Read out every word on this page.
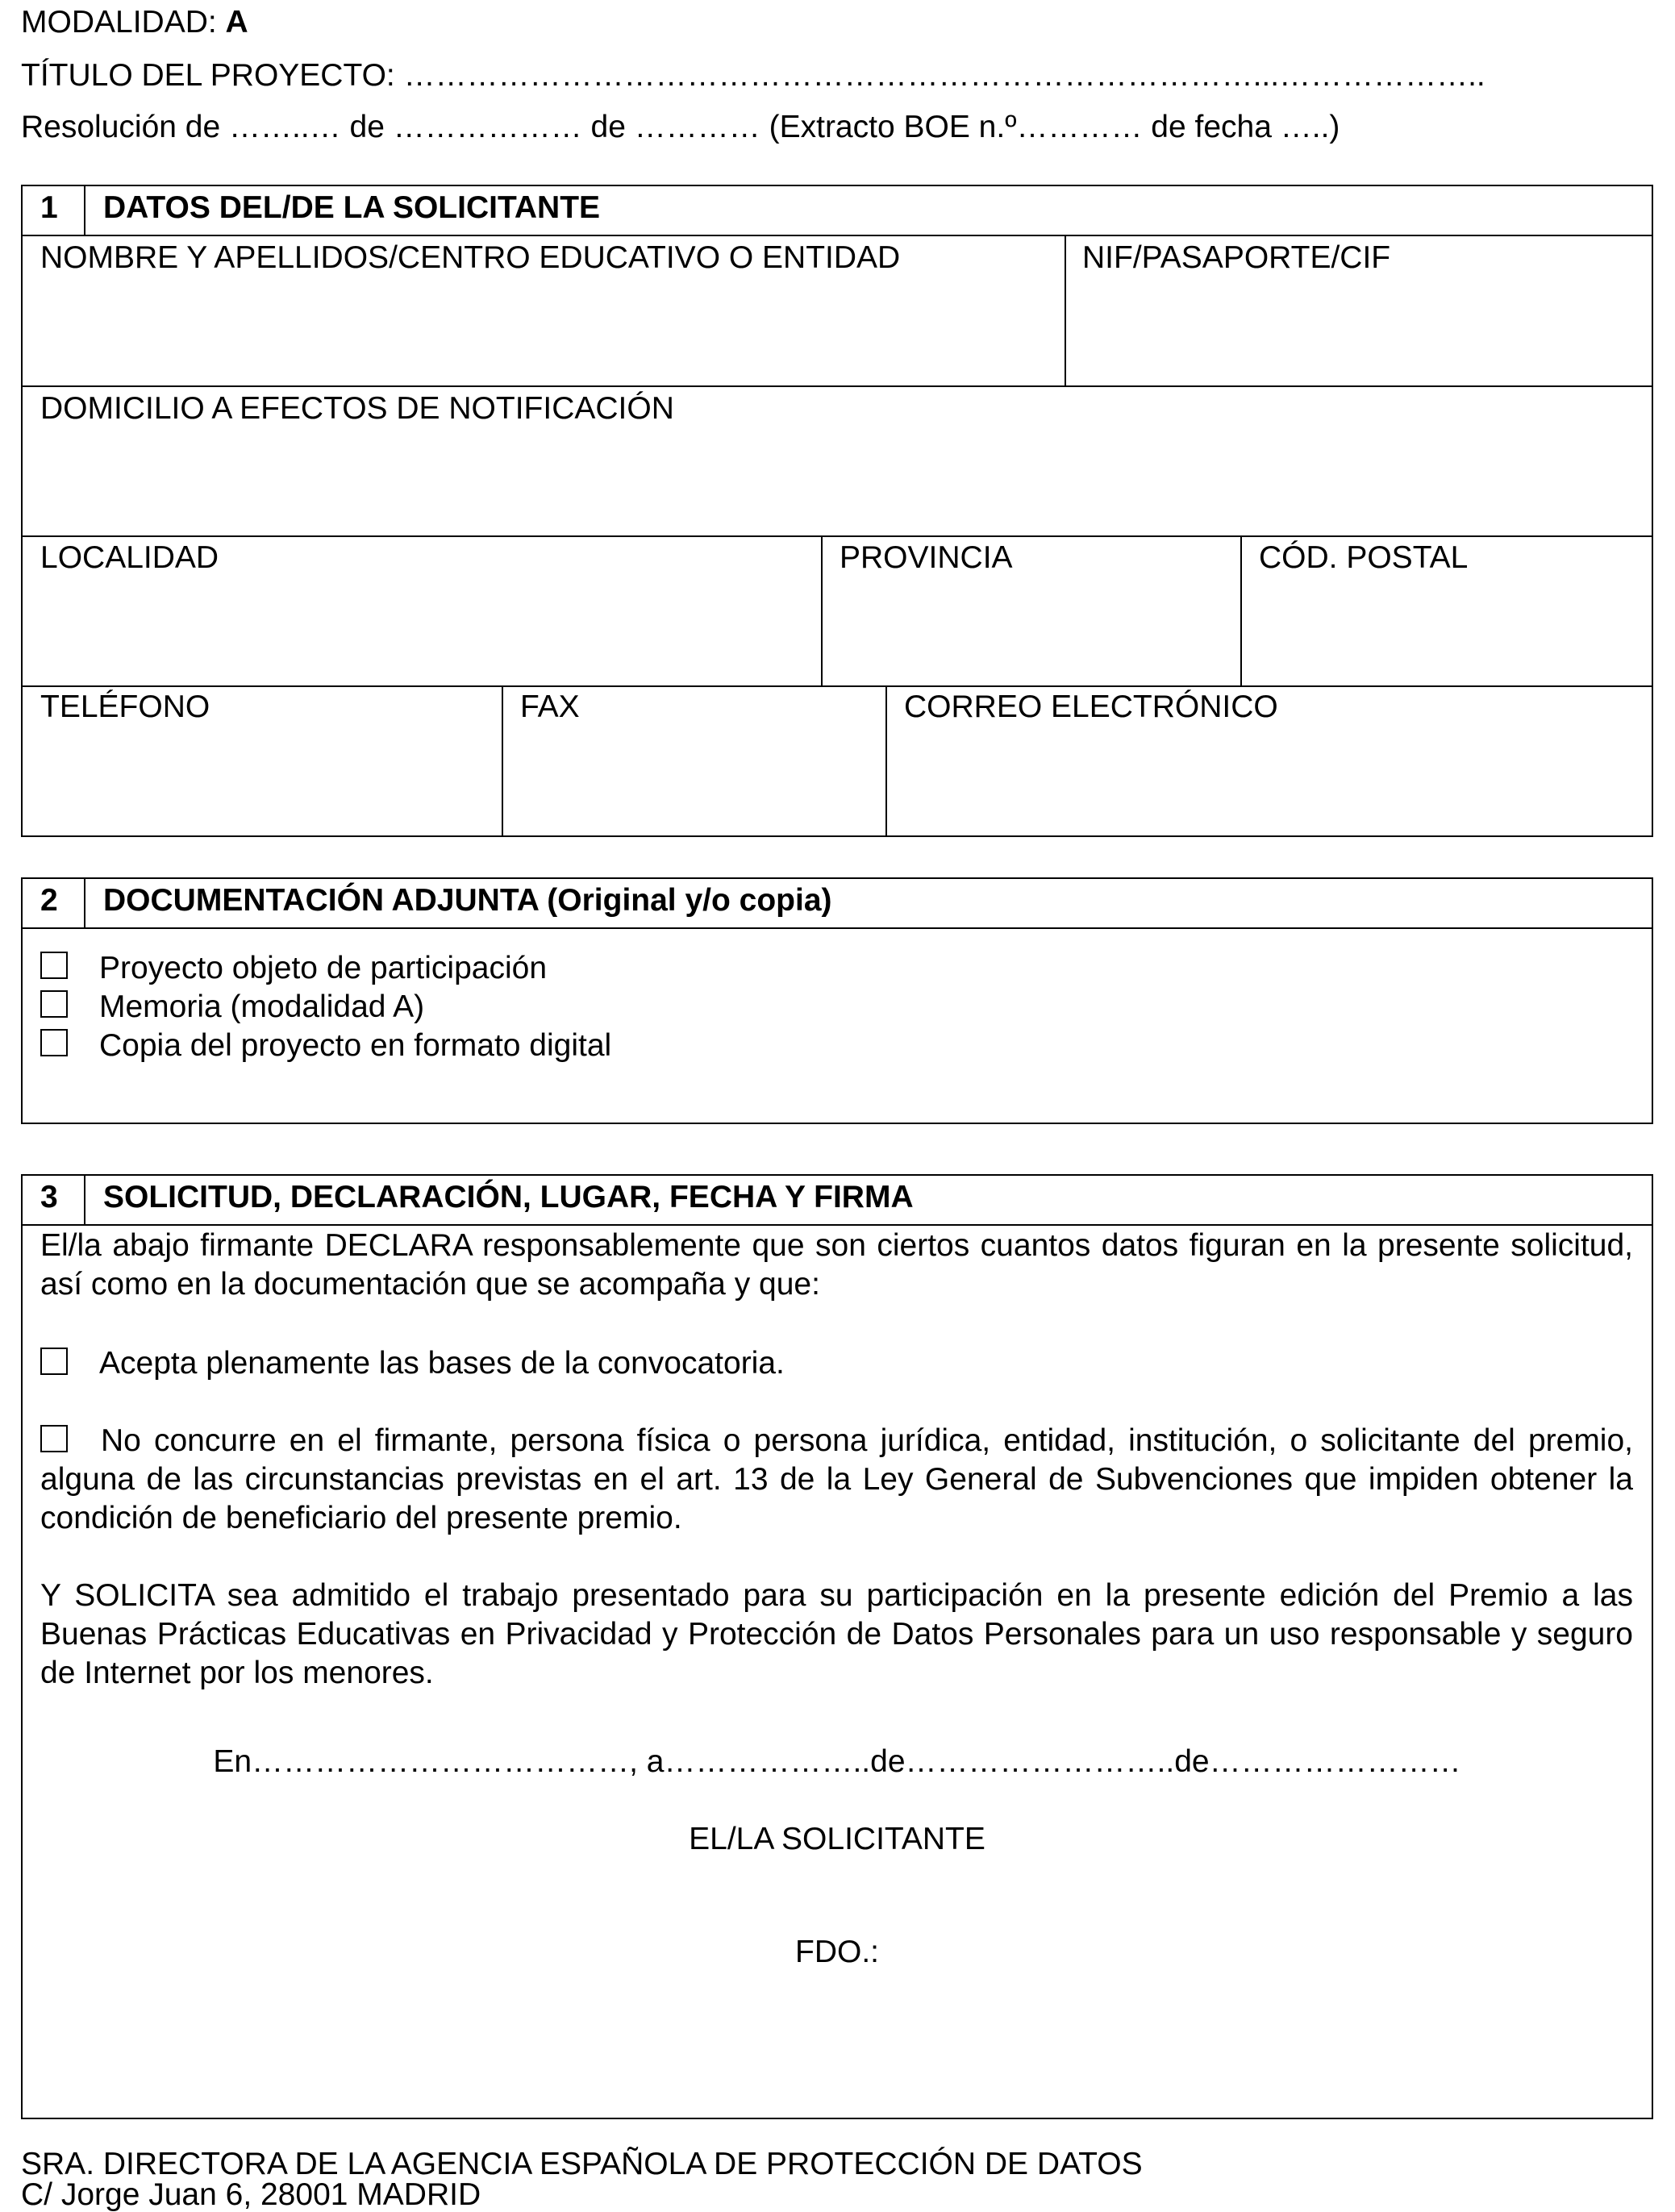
MODALIDAD: A
TÍTULO DEL PROYECTO: ………………………………………………………………………...………………..
Resolución de ……..… de ……………… de ………… (Extracto BOE n.º………… de fecha …..)
1 DATOS DEL/DE LA SOLICITANTE
NOMBRE Y APELLIDOS/CENTRO EDUCATIVO O ENTIDAD	NIF/PASAPORTE/CIF
DOMICILIO A EFECTOS DE NOTIFICACIÓN
LOCALIDAD	PROVINCIA	CÓD. POSTAL
TELÉFONO	FAX	CORREO ELECTRÓNICO
2 DOCUMENTACIÓN ADJUNTA (Original y/o copia)
Proyecto objeto de participación
Memoria (modalidad A)
Copia del proyecto en formato digital
3 SOLICITUD, DECLARACIÓN, LUGAR, FECHA Y FIRMA
El/la abajo firmante DECLARA responsablemente que son ciertos cuantos datos figuran en la presente solicitud, así como en la documentación que se acompaña y que:
Acepta plenamente las bases de la convocatoria.
No concurre en el firmante, persona física o persona jurídica, entidad, institución, o solicitante del premio, alguna de las circunstancias previstas en el art. 13 de la Ley General de Subvenciones que impiden obtener la condición de beneficiario del presente premio.
Y SOLICITA sea admitido el trabajo presentado para su participación en la presente edición del Premio a las Buenas Prácticas Educativas en Privacidad y Protección de Datos Personales para un uso responsable y seguro de Internet por los menores.
En………………………………, a………………..de……………………..de……………………
EL/LA SOLICITANTE
FDO.:
SRA. DIRECTORA DE LA AGENCIA ESPAÑOLA DE PROTECCIÓN DE DATOS
C/ Jorge Juan 6, 28001 MADRID
